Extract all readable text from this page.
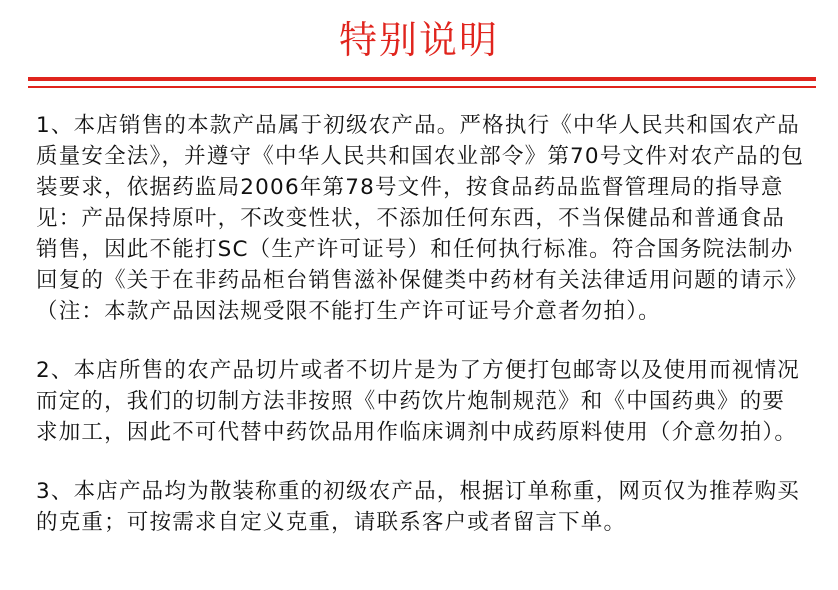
特别说明

1、本店销售的本款产品属于初级农产品。严格执行《中华人民共和国农产品质量安全法》，并遵守《中华人民共和国农业部令》第70号文件对农产品的包装要求，依据药监局2006年第78号文件，按食品药品监督管理局的指导意见：产品保持原叶，不改变性状，不添加任何东西，不当保健品和普通食品销售，因此不能打SC（生产许可证号）和任何执行标准。符合国务院法制办回复的《关于在非药品柜台销售滋补保健类中药材有关法律适用问题的请示》（注：本款产品因法规受限不能打生产许可证号介意者勿拍）。

2、本店所售的农产品切片或者不切片是为了方便打包邮寄以及使用而视情况而定的，我们的切制方法非按照《中药饮片炮制规范》和《中国药典》的要求加工，因此不可代替中药饮品用作临床调剂中成药原料使用（介意勿拍）。

3、本店产品均为散装称重的初级农产品，根据订单称重，网页仅为推荐购买的克重；可按需求自定义克重，请联系客户或者留言下单。
